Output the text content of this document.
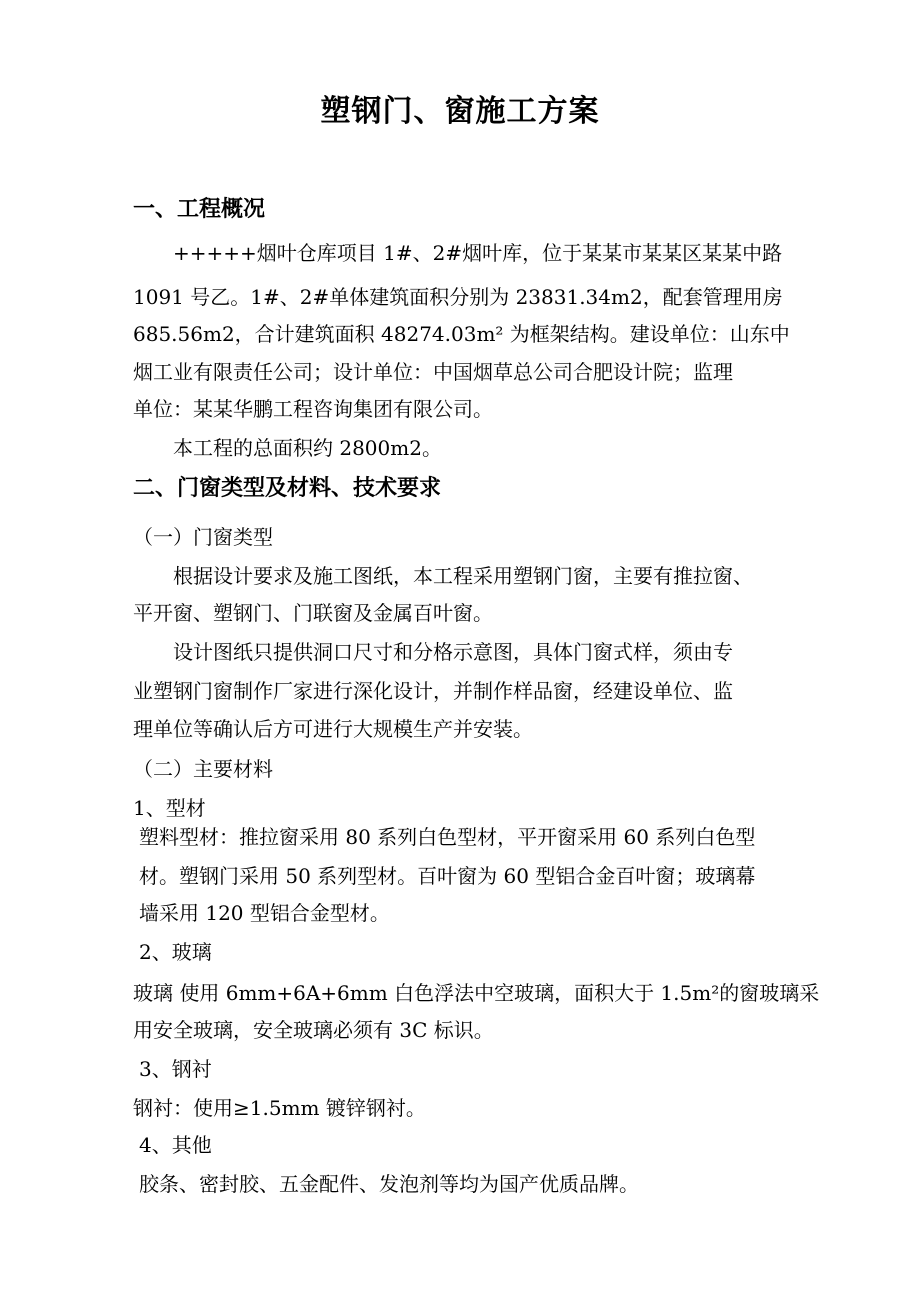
塑钢门、窗施工方案
一、工程概况
+++++烟叶仓库项目 1#、2#烟叶库，位于某某市某某区某某中路
1091 号乙。1#、2#单体建筑面积分别为 23831.34m2，配套管理用房
685.56m2，合计建筑面积 48274.03m² 为框架结构。建设单位：山东中
烟工业有限责任公司；设计单位：中国烟草总公司合肥设计院；监理
单位：某某华鹏工程咨询集团有限公司。
本工程的总面积约 2800m2。
二、门窗类型及材料、技术要求
（一）门窗类型
根据设计要求及施工图纸，本工程采用塑钢门窗，主要有推拉窗、
平开窗、塑钢门、门联窗及金属百叶窗。
设计图纸只提供洞口尺寸和分格示意图，具体门窗式样，须由专
业塑钢门窗制作厂家进行深化设计，并制作样品窗，经建设单位、监
理单位等确认后方可进行大规模生产并安装。
（二）主要材料
1、型材
塑料型材：推拉窗采用 80 系列白色型材，平开窗采用 60 系列白色型
材。塑钢门采用 50 系列型材。百叶窗为 60 型铝合金百叶窗；玻璃幕
墙采用 120 型铝合金型材。
2、玻璃
玻璃 使用 6mm+6A+6mm 白色浮法中空玻璃，面积大于 1.5m²的窗玻璃采
用安全玻璃，安全玻璃必须有 3C 标识。
3、钢衬
钢衬：使用≥1.5mm 镀锌钢衬。
4、其他
胶条、密封胶、五金配件、发泡剂等均为国产优质品牌。
